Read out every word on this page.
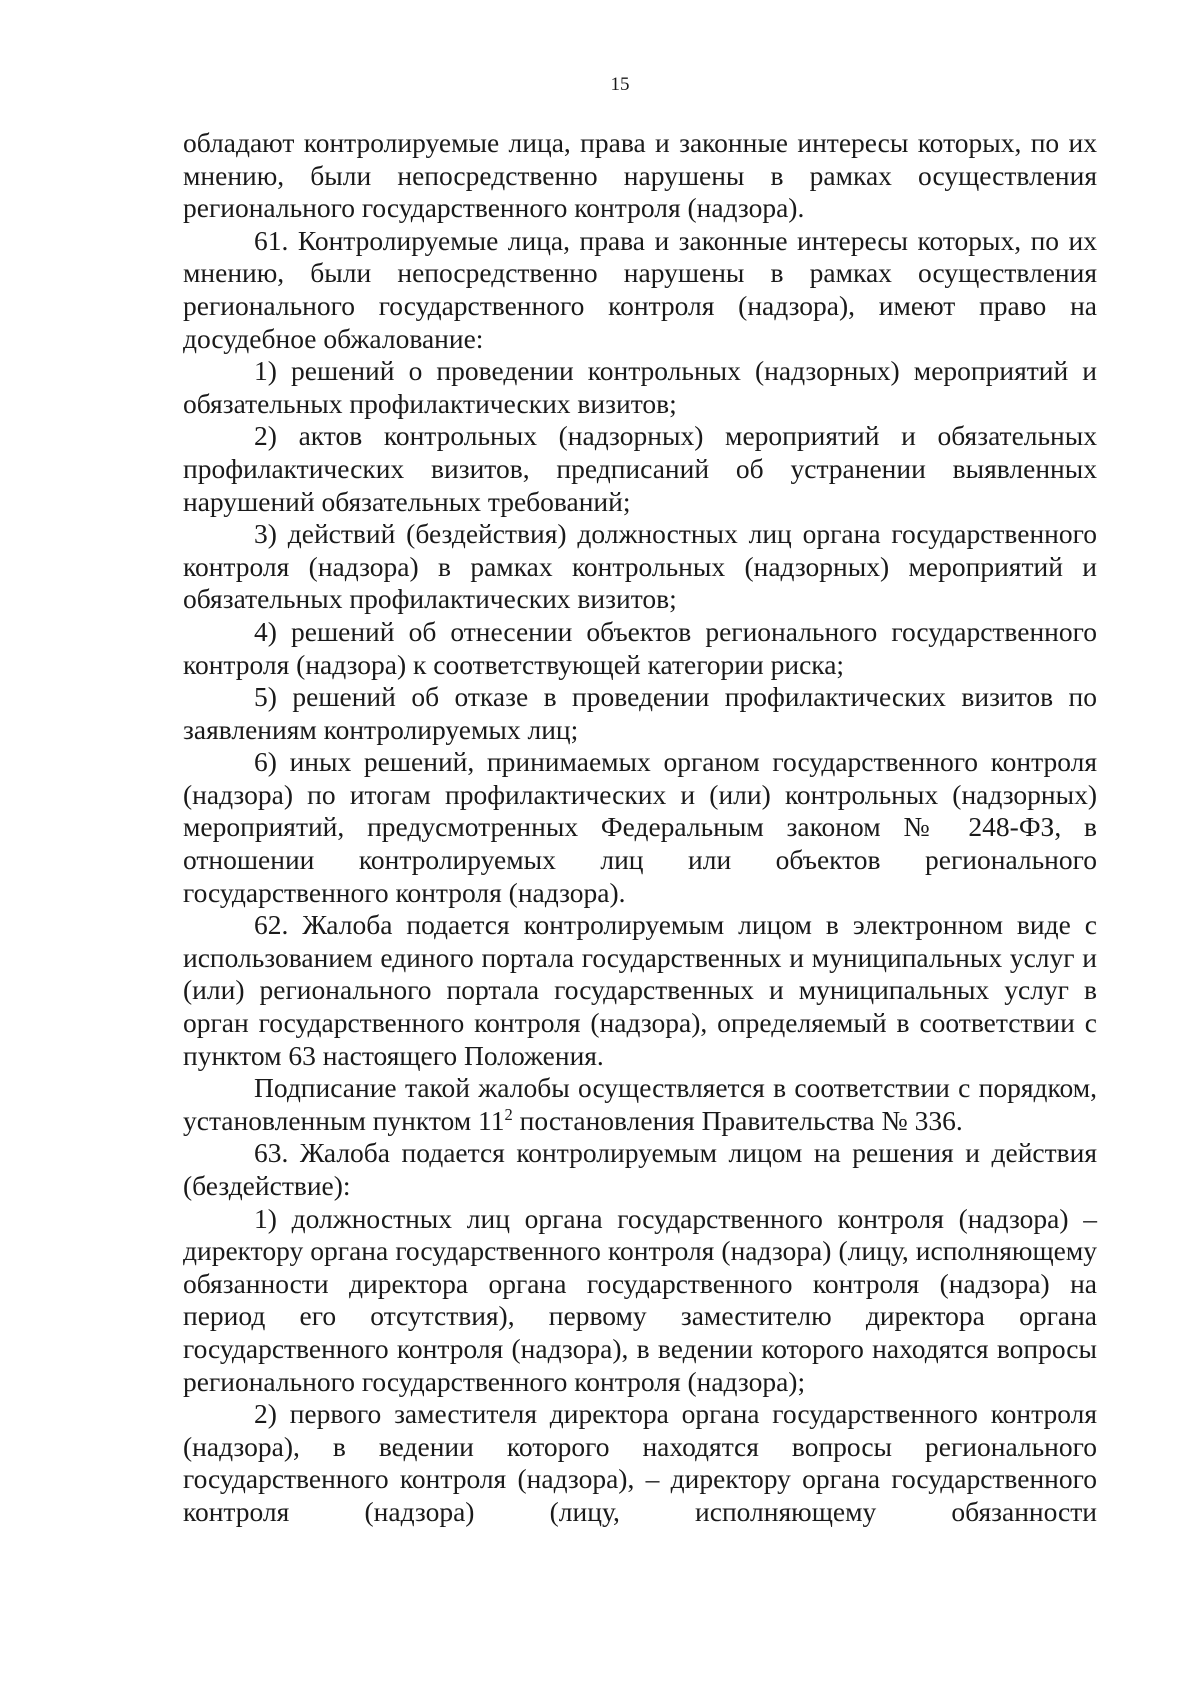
15

обладают контролируемые лица, права и законные интересы которых, по их мнению, были непосредственно нарушены в рамках осуществления регионального государственного контроля (надзора).

61. Контролируемые лица, права и законные интересы которых, по их мнению, были непосредственно нарушены в рамках осуществления регионального государственного контроля (надзора), имеют право на досудебное обжалование:

1) решений о проведении контрольных (надзорных) мероприятий и обязательных профилактических визитов;

2) актов контрольных (надзорных) мероприятий и обязательных профилактических визитов, предписаний об устранении выявленных нарушений обязательных требований;

3) действий (бездействия) должностных лиц органа государственного контроля (надзора) в рамках контрольных (надзорных) мероприятий и обязательных профилактических визитов;

4) решений об отнесении объектов регионального государственного контроля (надзора) к соответствующей категории риска;

5) решений об отказе в проведении профилактических визитов по заявлениям контролируемых лиц;

6) иных решений, принимаемых органом государственного контроля (надзора) по итогам профилактических и (или) контрольных (надзорных) мероприятий, предусмотренных Федеральным законом № 248-ФЗ, в отношении контролируемых лиц или объектов регионального государственного контроля (надзора).

62. Жалоба подается контролируемым лицом в электронном виде с использованием единого портала государственных и муниципальных услуг и (или) регионального портала государственных и муниципальных услуг в орган государственного контроля (надзора), определяемый в соответствии с пунктом 63 настоящего Положения.

Подписание такой жалобы осуществляется в соответствии с порядком, установленным пунктом $11^2$ постановления Правительства № 336.

63. Жалоба подается контролируемым лицом на решения и действия (бездействие):

1) должностных лиц органа государственного контроля (надзора) – директору органа государственного контроля (надзора) (лицу, исполняющему обязанности директора органа государственного контроля (надзора) на период его отсутствия), первому заместителю директора органа государственного контроля (надзора), в ведении которого находятся вопросы регионального государственного контроля (надзора);

2) первого заместителя директора органа государственного контроля (надзора), в ведении которого находятся вопросы регионального государственного контроля (надзора), – директору органа государственного контроля (надзора) (лицу, исполняющему обязанности
